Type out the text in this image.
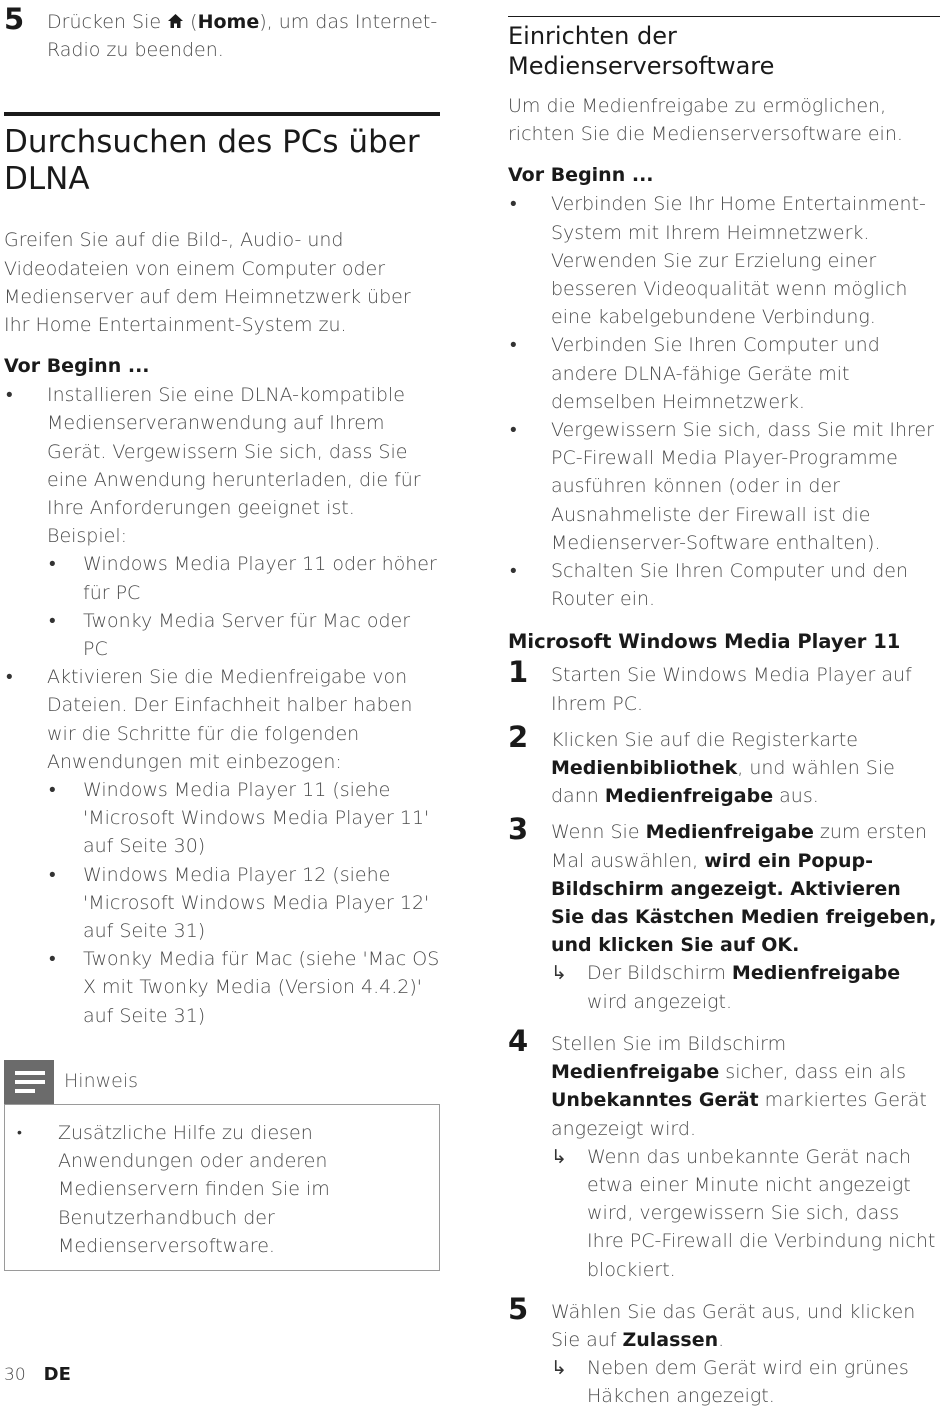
5 Drücken Sie  (Home), um das Internet-Radio zu beenden.

Durchsuchen des PCs über DLNA

Greifen Sie auf die Bild-, Audio- und Videodateien von einem Computer oder Medienserver auf dem Heimnetzwerk über Ihr Home Entertainment-System zu.

Vor Beginn ...

• Installieren Sie eine DLNA-kompatible Medienserveranwendung auf Ihrem Gerät. Vergewissern Sie sich, dass Sie eine Anwendung herunterladen, die für Ihre Anforderungen geeignet ist. Beispiel:
• Windows Media Player 11 oder höher für PC
• Twonky Media Server für Mac oder PC
• Aktivieren Sie die Medienfreigabe von Dateien. Der Einfachheit halber haben wir die Schritte für die folgenden Anwendungen mit einbezogen:
• Windows Media Player 11 (siehe 'Microsoft Windows Media Player 11' auf Seite 30)
• Windows Media Player 12 (siehe 'Microsoft Windows Media Player 12' auf Seite 31)
• Twonky Media für Mac (siehe 'Mac OS X mit Twonky Media (Version 4.4.2)' auf Seite 31)
Hinweis
• Zusätzliche Hilfe zu diesen Anwendungen oder anderen Medienservern finden Sie im Benutzerhandbuch der Medienserversoftware.

Einrichten der Medienserversoftware

Um die Medienfreigabe zu ermöglichen, richten Sie die Medienserversoftware ein.

Vor Beginn ...

• Verbinden Sie Ihr Home Entertainment-System mit Ihrem Heimnetzwerk. Verwenden Sie zur Erzielung einer besseren Videoqualität wenn möglich eine kabelgebundene Verbindung.
• Verbinden Sie Ihren Computer und andere DLNA-fähige Geräte mit demselben Heimnetzwerk.
• Vergewissern Sie sich, dass Sie mit Ihrer PC-Firewall Media Player-Programme ausführen können (oder in der Ausnahmeliste der Firewall ist die Medienserver-Software enthalten).
• Schalten Sie Ihren Computer und den Router ein.

Microsoft Windows Media Player 11

1 Starten Sie Windows Media Player auf Ihrem PC.
2 Klicken Sie auf die Registerkarte Medienbibliothek, und wählen Sie dann Medienfreigabe aus.
3 Wenn Sie Medienfreigabe zum ersten Mal auswählen, wird ein Popup-Bildschirm angezeigt. Aktivieren Sie das Kästchen Medien freigeben, und klicken Sie auf OK.
↳ Der Bildschirm Medienfreigabe wird angezeigt.
4 Stellen Sie im Bildschirm Medienfreigabe sicher, dass ein als Unbekanntes Gerät markiertes Gerät angezeigt wird.
↳ Wenn das unbekannte Gerät nach etwa einer Minute nicht angezeigt wird, vergewissern Sie sich, dass Ihre PC-Firewall die Verbindung nicht blockiert.
5 Wählen Sie das Gerät aus, und klicken Sie auf Zulassen.
↳ Neben dem Gerät wird ein grünes Häkchen angezeigt.
30 DE
